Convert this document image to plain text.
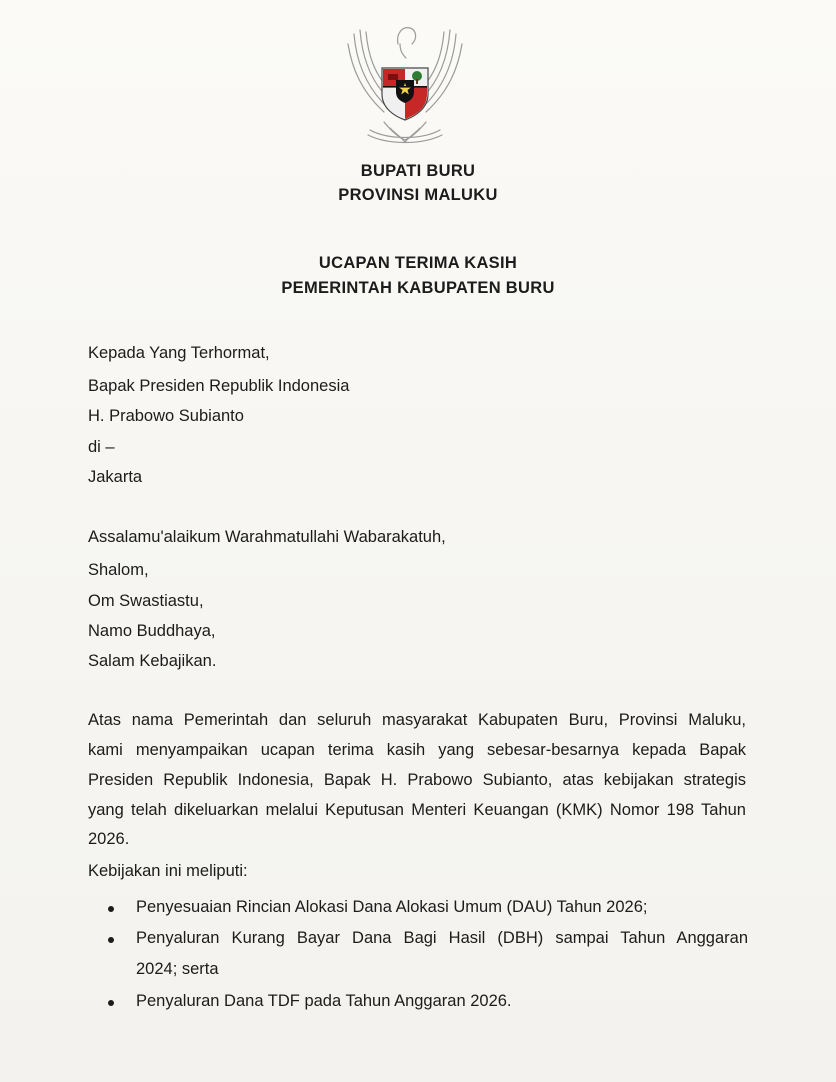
BUPATI BURU
PROVINSI MALUKU
UCAPAN TERIMA KASIH
PEMERINTAH KABUPATEN BURU
Kepada Yang Terhormat,
Bapak Presiden Republik Indonesia
H. Prabowo Subianto
di –
Jakarta
Assalamu'alaikum Warahmatullahi Wabarakatuh,
Shalom,
Om Swastiastu,
Namo Buddhaya,
Salam Kebajikan.
Atas nama Pemerintah dan seluruh masyarakat Kabupaten Buru, Provinsi Maluku,
kami menyampaikan ucapan terima kasih yang sebesar-besarnya kepada Bapak
Presiden Republik Indonesia, Bapak H. Prabowo Subianto, atas kebijakan strategis
yang telah dikeluarkan melalui Keputusan Menteri Keuangan (KMK) Nomor 198 Tahun
2026.
Kebijakan ini meliputi:
Penyesuaian Rincian Alokasi Dana Alokasi Umum (DAU) Tahun 2026;
Penyaluran Kurang Bayar Dana Bagi Hasil (DBH) sampai Tahun Anggaran
2024; serta
Penyaluran Dana TDF pada Tahun Anggaran 2026.
